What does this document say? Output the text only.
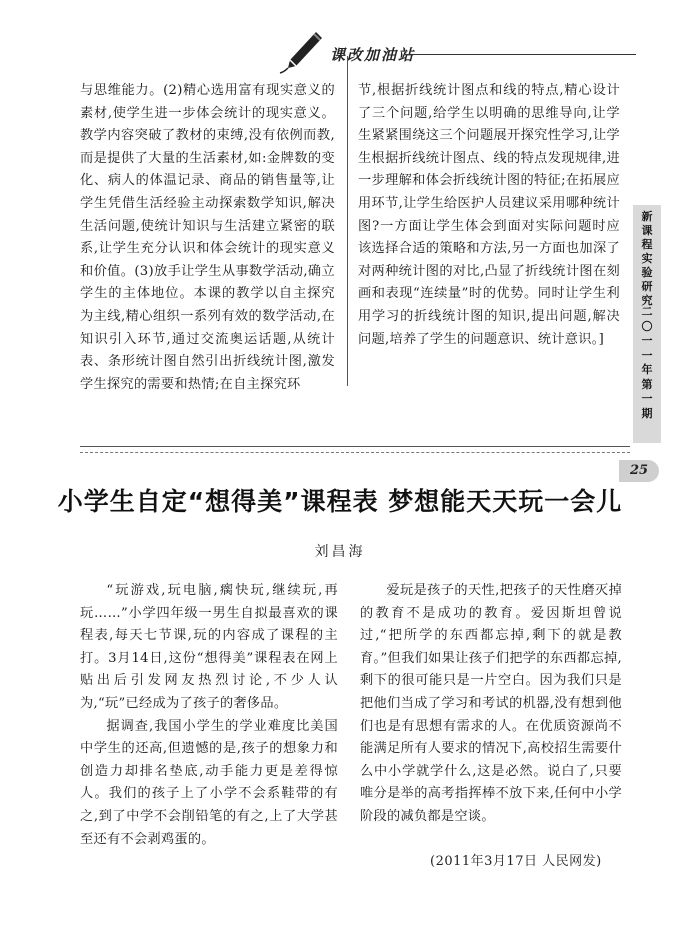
课改加油站

与思维能力。(2)精心选用富有现实意义的素材,使学生进一步体会统计的现实意义。教学内容突破了教材的束缚,没有依例而教,而是提供了大量的生活素材,如:金牌数的变化、病人的体温记录、商品的销售量等,让学生凭借生活经验主动探索数学知识,解决生活问题,使统计知识与生活建立紧密的联系,让学生充分认识和体会统计的现实意义和价值。(3)放手让学生从事数学活动,确立学生的主体地位。本课的教学以自主探究为主线,精心组织一系列有效的数学活动,在知识引入环节,通过交流奥运话题,从统计表、条形统计图自然引出折线统计图,激发学生探究的需要和热情;在自主探究环

节,根据折线统计图点和线的特点,精心设计了三个问题,给学生以明确的思维导向,让学生紧紧围绕这三个问题展开探究性学习,让学生根据折线统计图点、线的特点发现规律,进一步理解和体会折线统计图的特征;在拓展应用环节,让学生给医护人员建议采用哪种统计图?一方面让学生体会到面对实际问题时应该选择合适的策略和方法,另一方面也加深了对两种统计图的对比,凸显了折线统计图在刻画和表现“连续量”时的优势。同时让学生利用学习的折线统计图的知识,提出问题,解决问题,培养了学生的问题意识、统计意识。]

新课程实验研究
二〇一一年第一期
25
小学生自定“想得美”课程表 梦想能天天玩一会儿
刘昌海

“玩游戏,玩电脑,瘸快玩,继续玩,再玩……”小学四年级一男生自拟最喜欢的课程表,每天七节课,玩的内容成了课程的主打。3月14日,这份“想得美”课程表在网上贴出后引发网友热烈讨论,不少人认为,“玩”已经成为了孩子的奢侈品。

据调查,我国小学生的学业难度比美国中学生的还高,但遗憾的是,孩子的想象力和创造力却排名垫底,动手能力更是差得惊人。我们的孩子上了小学不会系鞋带的有之,到了中学不会削铅笔的有之,上了大学甚至还有不会剥鸡蛋的。

爱玩是孩子的天性,把孩子的天性磨灭掉的教育不是成功的教育。爱因斯坦曾说过,“把所学的东西都忘掉,剩下的就是教育。”但我们如果让孩子们把学的东西都忘掉,剩下的很可能只是一片空白。因为我们只是把他们当成了学习和考试的机器,没有想到他们也是有思想有需求的人。在优质资源尚不能满足所有人要求的情况下,高校招生需要什么中小学就学什么,这是必然。说白了,只要唯分是举的高考指挥棒不放下来,任何中小学阶段的减负都是空谈。

(2011年3月17日 人民网发)
